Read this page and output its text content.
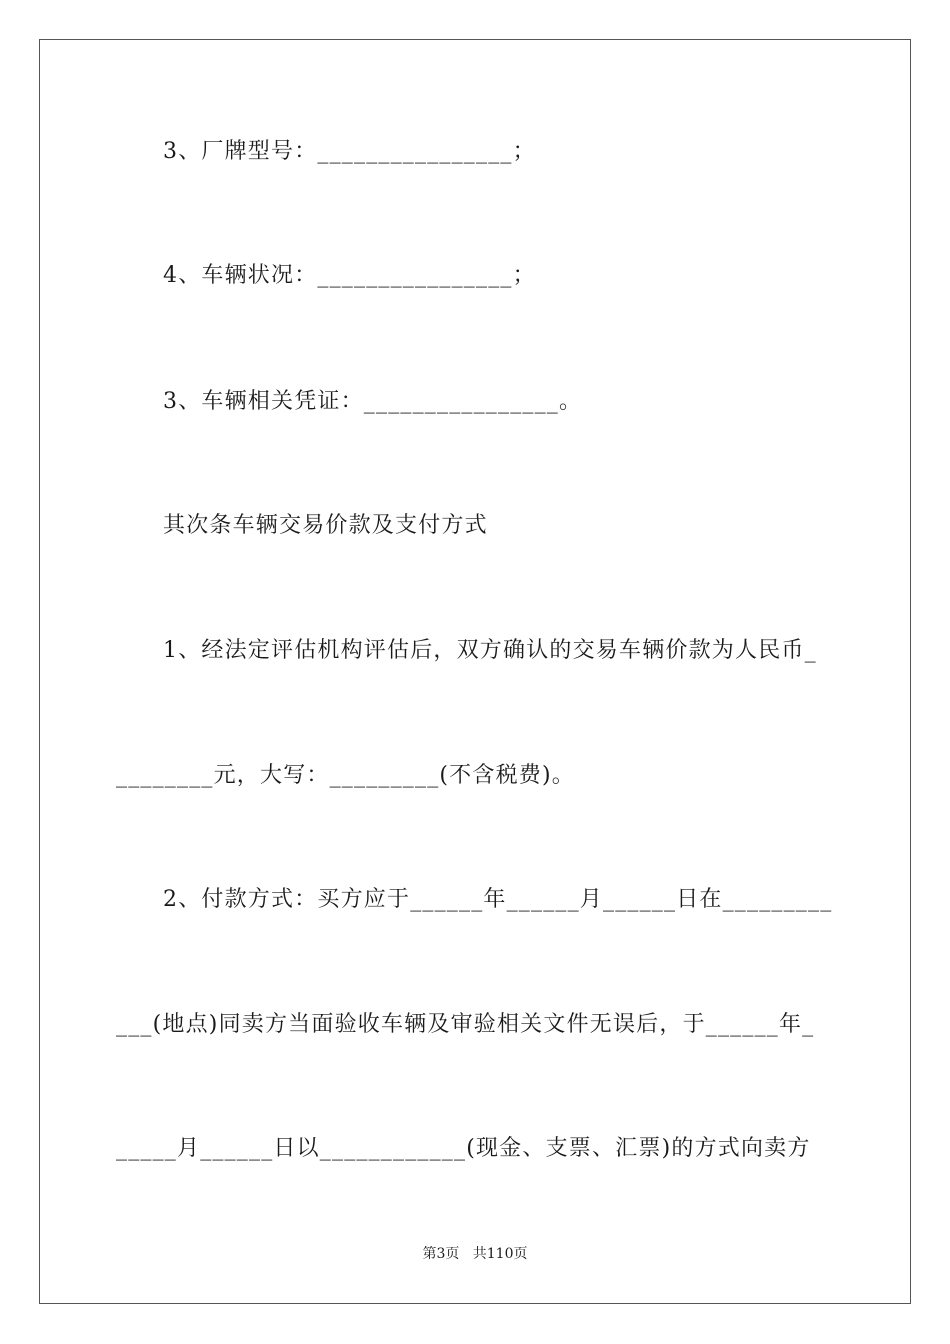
3、厂牌型号：________________；
4、车辆状况：________________；
3、车辆相关凭证：________________。
其次条车辆交易价款及支付方式
1、经法定评估机构评估后，双方确认的交易车辆价款为人民币_
________元，大写：_________(不含税费)。
2、付款方式：买方应于______年______月______日在_________
___(地点)同卖方当面验收车辆及审验相关文件无误后，于______年_
_____月______日以____________(现金、支票、汇票)的方式向卖方
第3页   共110页
